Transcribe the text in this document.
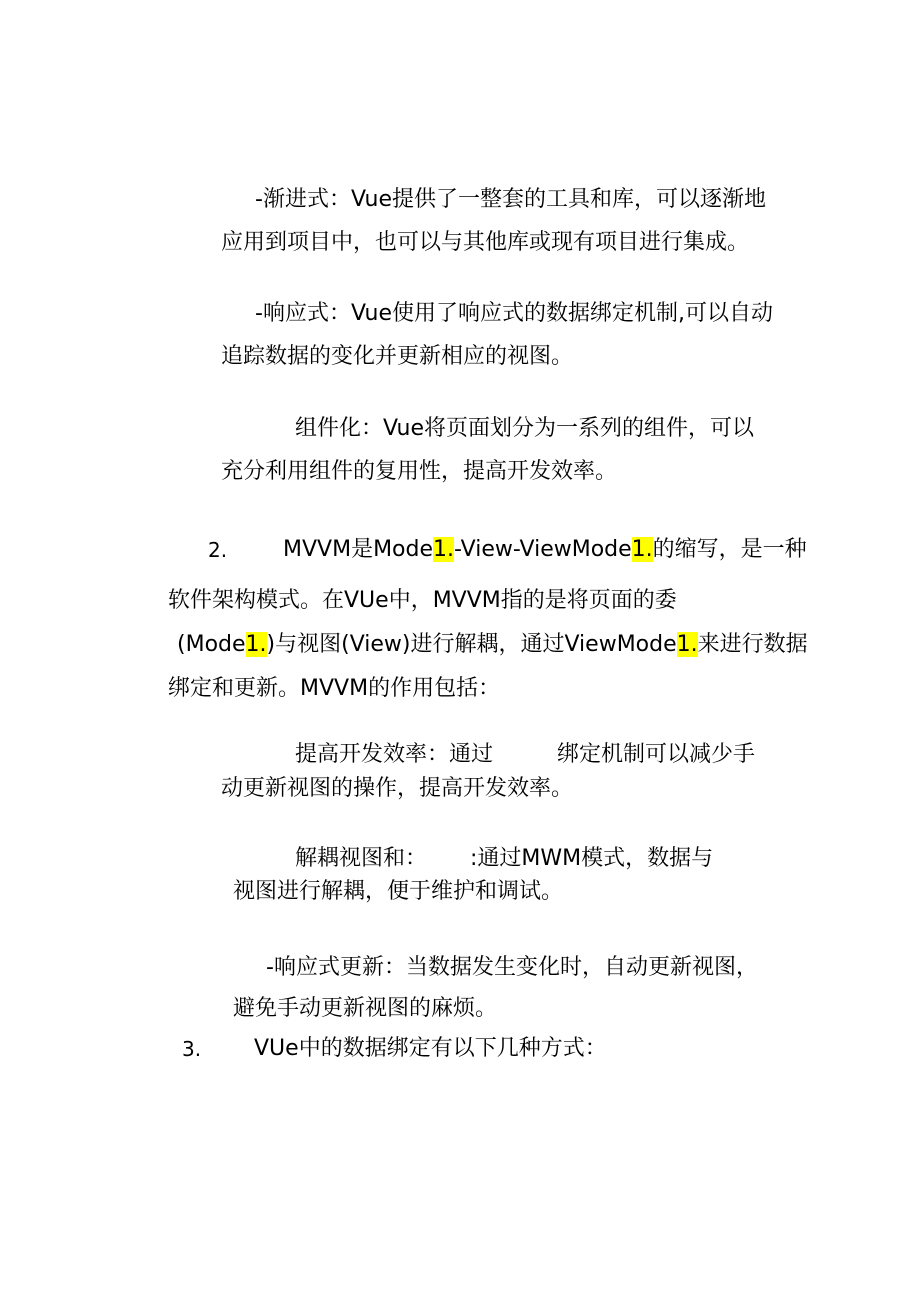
-渐进式：Vue提供了一整套的工具和库，可以逐渐地

应用到项目中，也可以与其他库或现有项目进行集成。

-响应式：Vue使用了响应式的数据绑定机制,可以自动

追踪数据的变化并更新相应的视图。

组件化：Vue将页面划分为一系列的组件，可以

充分利用组件的复用性，提高开发效率。

2.	MVVM是Mode1.-View-ViewMode1.的缩写，是一种

软件架构模式。在VUe中，MVVM指的是将页面的委

(Mode1.)与视图(View)进行解耦，通过ViewMode1.来进行数据

绑定和更新。MVVM的作用包括：

提高开发效率：通过	绑定机制可以减少手

动更新视图的操作，提高开发效率。

解耦视图和： :通过MWM模式，数据与

视图进行解耦，便于维护和调试。

-响应式更新：当数据发生变化时，自动更新视图，

避免手动更新视图的麻烦。

3. VUe中的数据绑定有以下几种方式：
